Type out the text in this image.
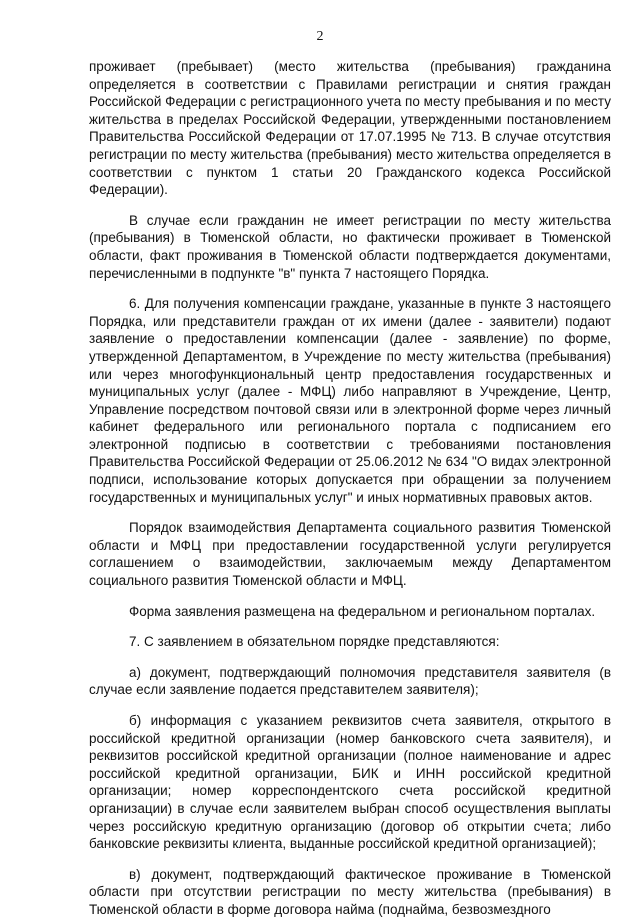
2

проживает (пребывает) (место жительства (пребывания) гражданина определяется в соответствии с Правилами регистрации и снятия граждан Российской Федерации с регистрационного учета по месту пребывания и по месту жительства в пределах Российской Федерации, утвержденными постановлением Правительства Российской Федерации от 17.07.1995 № 713. В случае отсутствия регистрации по месту жительства (пребывания) место жительства определяется в соответствии с пунктом 1 статьи 20 Гражданского кодекса Российской Федерации).

В случае если гражданин не имеет регистрации по месту жительства (пребывания) в Тюменской области, но фактически проживает в Тюменской области, факт проживания в Тюменской области подтверждается документами, перечисленными в подпункте "в" пункта 7 настоящего Порядка.

6. Для получения компенсации граждане, указанные в пункте 3 настоящего Порядка, или представители граждан от их имени (далее - заявители) подают заявление о предоставлении компенсации (далее - заявление) по форме, утвержденной Департаментом, в Учреждение по месту жительства (пребывания) или через многофункциональный центр предоставления государственных и муниципальных услуг (далее - МФЦ) либо направляют в Учреждение, Центр, Управление посредством почтовой связи или в электронной форме через личный кабинет федерального или регионального портала с подписанием его электронной подписью в соответствии с требованиями постановления Правительства Российской Федерации от 25.06.2012 № 634 "О видах электронной подписи, использование которых допускается при обращении за получением государственных и муниципальных услуг" и иных нормативных правовых актов.

Порядок взаимодействия Департамента социального развития Тюменской области и МФЦ при предоставлении государственной услуги регулируется соглашением о взаимодействии, заключаемым между Департаментом социального развития Тюменской области и МФЦ.

Форма заявления размещена на федеральном и региональном порталах.

7. С заявлением в обязательном порядке представляются:

а) документ, подтверждающий полномочия представителя заявителя (в случае если заявление подается представителем заявителя);

б) информация с указанием реквизитов счета заявителя, открытого в российской кредитной организации (номер банковского счета заявителя), и реквизитов российской кредитной организации (полное наименование и адрес российской кредитной организации, БИК и ИНН российской кредитной организации; номер корреспондентского счета российской кредитной организации) в случае если заявителем выбран способ осуществления выплаты через российскую кредитную организацию (договор об открытии счета; либо банковские реквизиты клиента, выданные российской кредитной организацией);

в) документ, подтверждающий фактическое проживание в Тюменской области при отсутствии регистрации по месту жительства (пребывания) в Тюменской области в форме договора найма (поднайма, безвозмездного
